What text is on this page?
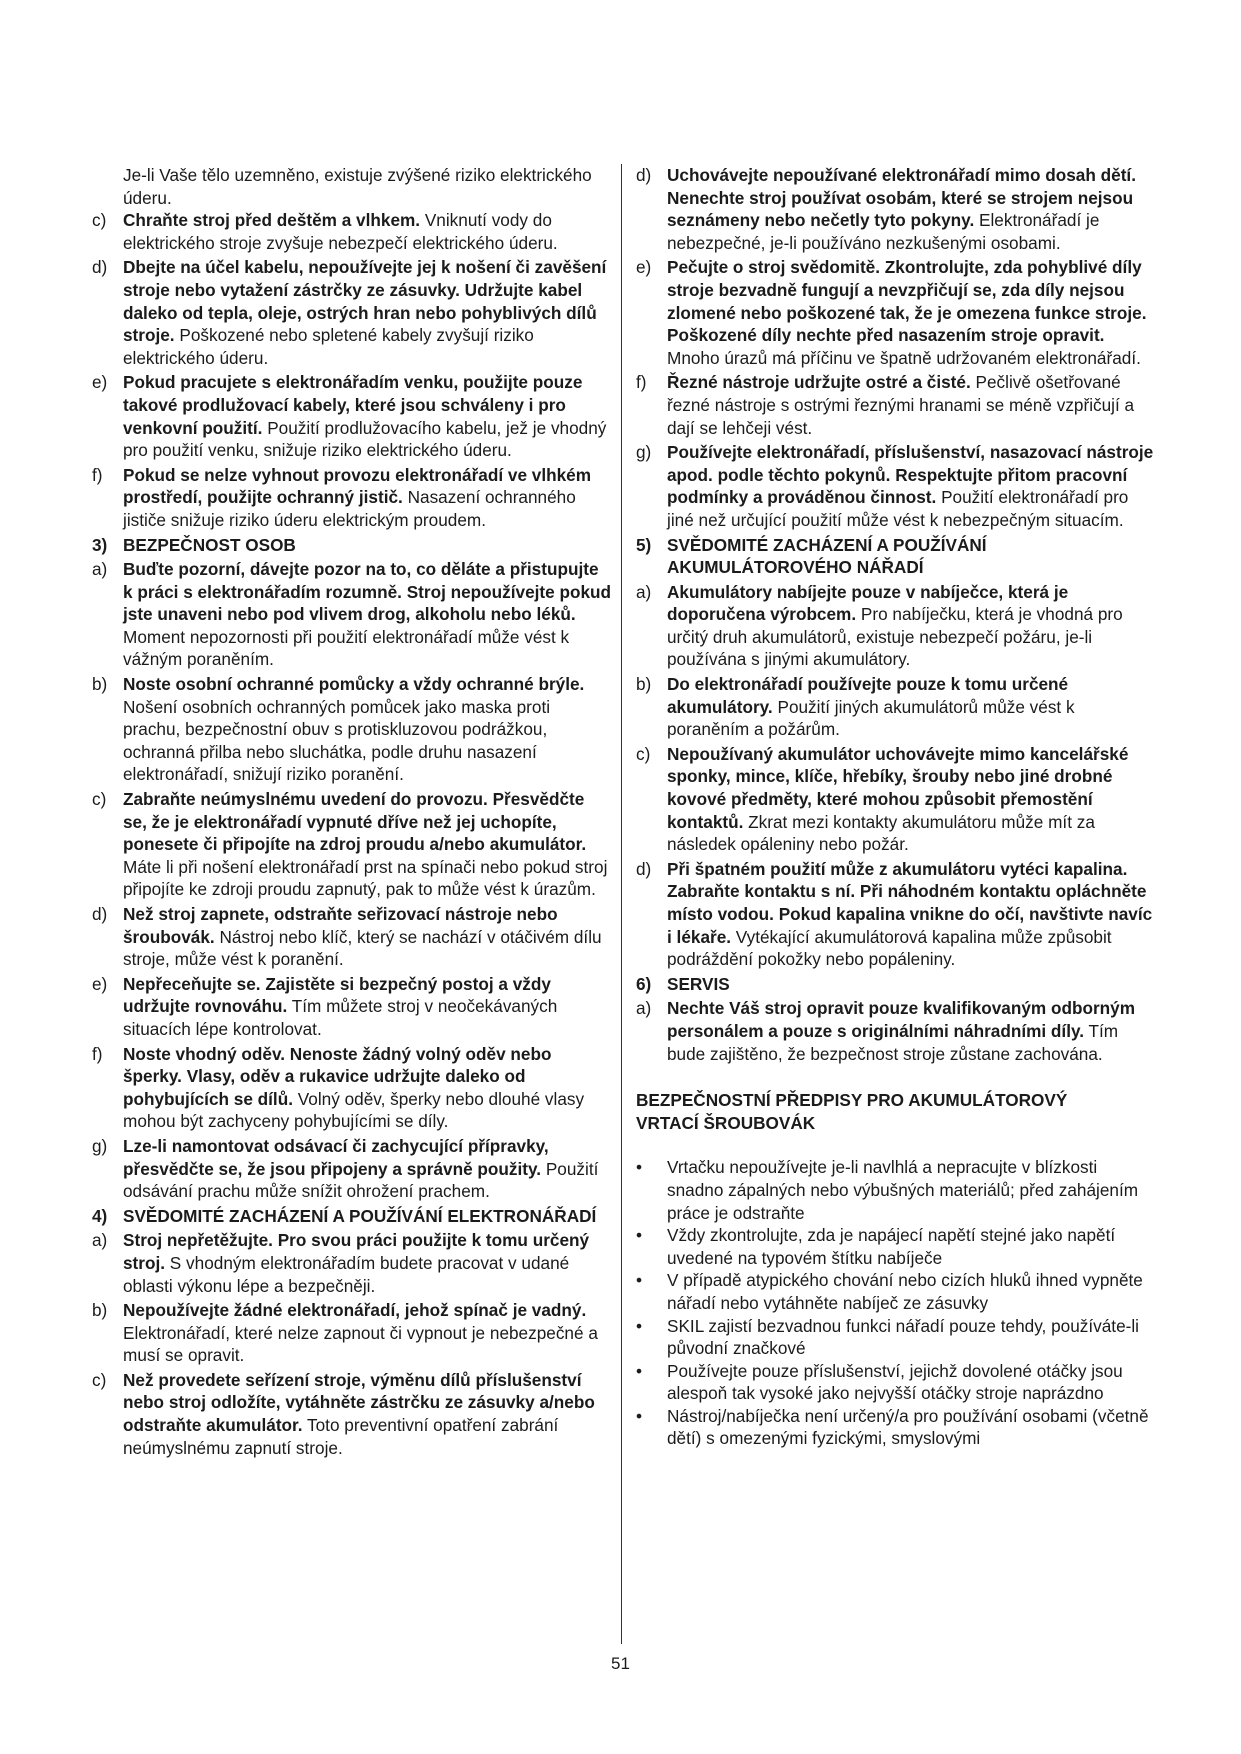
Je-li Vaše tělo uzemněno, existuje zvýšené riziko elektrického úderu.

c) Chraňte stroj před deštěm a vlhkem. Vniknutí vody do elektrického stroje zvyšuje nebezpečí elektrického úderu.
d) Dbejte na účel kabelu, nepoužívejte jej k nošení či zavěšení stroje nebo vytažení zástrčky ze zásuvky. Udržujte kabel daleko od tepla, oleje, ostrých hran nebo pohyblivých dílů stroje. Poškozené nebo spletené kabely zvyšují riziko elektrického úderu.
e) Pokud pracujete s elektronářadím venku, použijte pouze takové prodlužovací kabely, které jsou schváleny i pro venkovní použití. Použití prodlužovacího kabelu, jež je vhodný pro použití venku, snižuje riziko elektrického úderu.
f) Pokud se nelze vyhnout provozu elektronářadí ve vlhkém prostředí, použijte ochranný jistič. Nasazení ochranného jističe snižuje riziko úderu elektrickým proudem.
3) BEZPEČNOST OSOB
a) Buďte pozorní, dávejte pozor na to, co děláte a přistupujte k práci s elektronářadím rozumně. Stroj nepoužívejte pokud jste unaveni nebo pod vlivem drog, alkoholu nebo léků. Moment nepozornosti při použití elektronářadí může vést k vážným poraněním.
b) Noste osobní ochranné pomůcky a vždy ochranné brýle. Nošení osobních ochranných pomůcek jako maska proti prachu, bezpečnostní obuv s protiskluzovou podrážkou, ochranná přilba nebo sluchátka, podle druhu nasazení elektronářadí, snižují riziko poranění.
c) Zabraňte neúmyslnému uvedení do provozu. Přesvědčte se, že je elektronářadí vypnuté dříve než jej uchopíte, ponesete či připojíte na zdroj proudu a/nebo akumulátor. Máte li při nošení elektronářadí prst na spínači nebo pokud stroj připojíte ke zdroji proudu zapnutý, pak to může vést k úrazům.
d) Než stroj zapnete, odstraňte seřizovací nástroje nebo šroubovák. Nástroj nebo klíč, který se nachází v otáčivém dílu stroje, může vést k poranění.
e) Nepřeceňujte se. Zajistěte si bezpečný postoj a vždy udržujte rovnováhu. Tím můžete stroj v neočekávaných situacích lépe kontrolovat.
f) Noste vhodný oděv. Nenoste žádný volný oděv nebo šperky. Vlasy, oděv a rukavice udržujte daleko od pohybujících se dílů. Volný oděv, šperky nebo dlouhé vlasy mohou být zachyceny pohybujícími se díly.
g) Lze-li namontovat odsávací či zachycující přípravky, přesvědčte se, že jsou připojeny a správně použity. Použití odsávání prachu může snížit ohrožení prachem.
4) SVĚDOMITÉ ZACHÁZENÍ A POUŽÍVÁNÍ ELEKTRONÁŘADÍ
a) Stroj nepřetěžujte. Pro svou práci použijte k tomu určený stroj. S vhodným elektronářadím budete pracovat v udané oblasti výkonu lépe a bezpečněji.
b) Nepoužívejte žádné elektronářadí, jehož spínač je vadný. Elektronářadí, které nelze zapnout či vypnout je nebezpečné a musí se opravit.
c) Než provedete seřízení stroje, výměnu dílů příslušenství nebo stroj odložíte, vytáhněte zástrčku ze zásuvky a/nebo odstraňte akumulátor. Toto preventivní opatření zabrání neúmyslnému zapnutí stroje.
d) Uchovávejte nepoužívané elektronářadí mimo dosah dětí. Nenechte stroj používat osobám, které se strojem nejsou seznámeny nebo nečetly tyto pokyny. Elektronářadí je nebezpečné, je-li používáno nezkušenými osobami.
e) Pečujte o stroj svědomitě. Zkontrolujte, zda pohyblivé díly stroje bezvadně fungují a nevzpřičují se, zda díly nejsou zlomené nebo poškozené tak, že je omezena funkce stroje. Poškozené díly nechte před nasazením stroje opravit. Mnoho úrazů má příčinu ve špatně udržovaném elektronářadí.
f) Řezné nástroje udržujte ostré a čisté. Pečlivě ošetřované řezné nástroje s ostrými řeznými hranami se méně vzpřičují a dají se lehčeji vést.
g) Používejte elektronářadí, příslušenství, nasazovací nástroje apod. podle těchto pokynů. Respektujte přitom pracovní podmínky a prováděnou činnost. Použití elektronářadí pro jiné než určující použití může vést k nebezpečným situacím.
5) SVĚDOMITÉ ZACHÁZENÍ A POUŽÍVÁNÍ AKUMULÁTOROVÉHO NÁŘADÍ
a) Akumulátory nabíjejte pouze v nabíječce, která je doporučena výrobcem. Pro nabíječku, která je vhodná pro určitý druh akumulátorů, existuje nebezpečí požáru, je-li používána s jinými akumulátory.
b) Do elektronářadí používejte pouze k tomu určené akumulátory. Použití jiných akumulátorů může vést k poraněním a požárům.
c) Nepoužívaný akumulátor uchovávejte mimo kancelářské sponky, mince, klíče, hřebíky, šrouby nebo jiné drobné kovové předměty, které mohou způsobit přemostění kontaktů. Zkrat mezi kontakty akumulátoru může mít za následek opáleniny nebo požár.
d) Při špatném použití může z akumulátoru vytéci kapalina. Zabraňte kontaktu s ní. Při náhodném kontaktu opláchněte místo vodou. Pokud kapalina vnikne do očí, navštivte navíc i lékaře. Vytékající akumulátorová kapalina může způsobit podráždění pokožky nebo popáleniny.
6) SERVIS
a) Nechte Váš stroj opravit pouze kvalifikovaným odborným personálem a pouze s originálními náhradními díly. Tím bude zajištěno, že bezpečnost stroje zůstane zachována.
BEZPEČNOSTNÍ PŘEDPISY PRO AKUMULÁTOROVÝ VRTACÍ ŠROUBOVÁK
• Vrtačku nepoužívejte je-li navlhlá a nepracujte v blízkosti snadno zápalných nebo výbušných materiálů; před zahájením práce je odstraňte
• Vždy zkontrolujte, zda je napájecí napětí stejné jako napětí uvedené na typovém štítku nabíječe
• V případě atypického chování nebo cizích hluků ihned vypněte nářadí nebo vytáhněte nabíječ ze zásuvky
• SKIL zajistí bezvadnou funkci nářadí pouze tehdy, používáte-li původní značkové
• Používejte pouze příslušenství, jejichž dovolené otáčky jsou alespoň tak vysoké jako nejvyšší otáčky stroje naprázdno
• Nástroj/nabíječka není určený/a pro používání osobami (včetně dětí) s omezenými fyzickými, smyslovými
51
